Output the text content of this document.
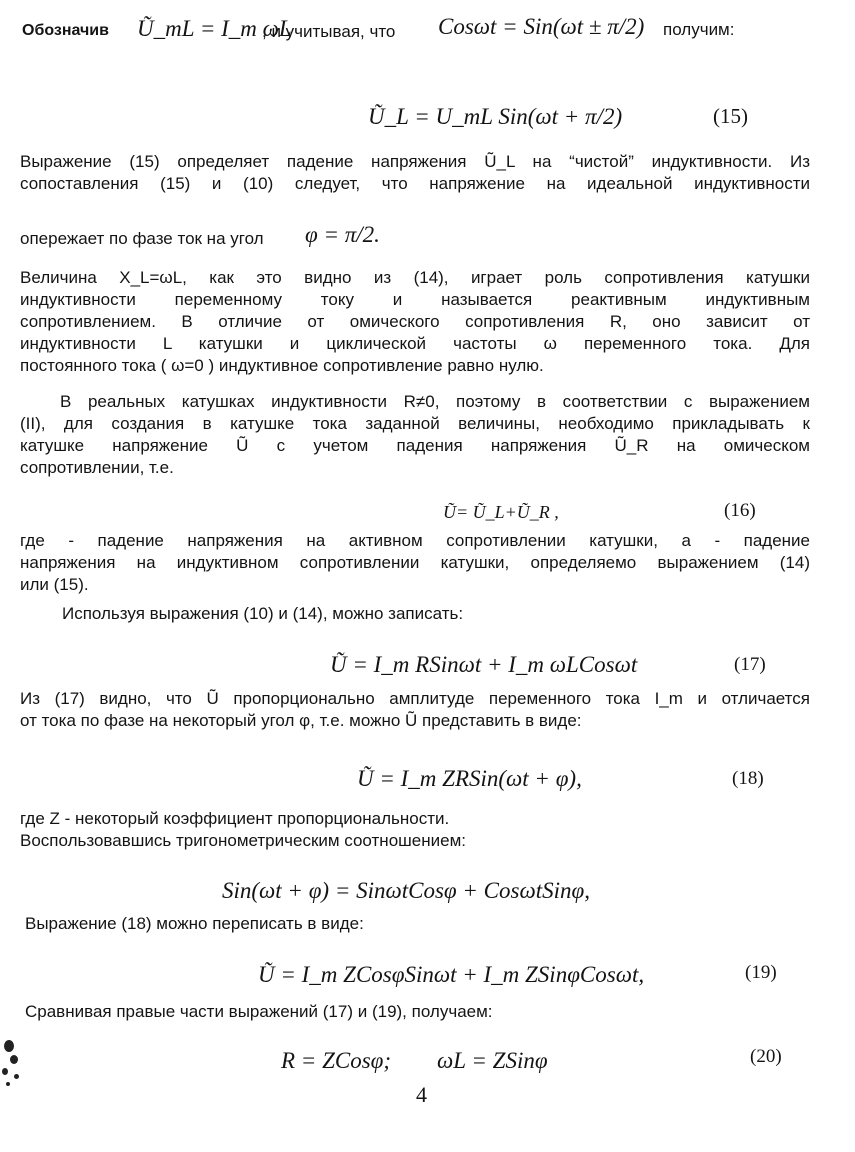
Обозначив Ũ_mL = I_m ωL
, и учитывая, что Cosωt = Sin(ωt ± π/2) получим:
Ũ_L = U_mL Sin(ωt + π/2)	(15)
Выражение (15) определяет падение напряжения Ũ_L на “чистой” индуктивности. Из
сопоставления (15) и (10) следует, что напряжение на идеальной индуктивности
опережает по фазе ток на угол φ = π/2.
Величина X_L=ωL, как это видно из (14), играет роль сопротивления катушки
индуктивности переменному току и называется реактивным индуктивным
сопротивлением. В отличие от омического сопротивления R, оно зависит от
индуктивности L катушки и циклической частоты ω переменного тока. Для
постоянного тока ( ω=0 ) индуктивное сопротивление равно нулю.
В реальных катушках индуктивности R≠0, поэтому в соответствии с выражением
(II), для создания в катушке тока заданной величины, необходимо прикладывать к
катушке напряжение Ũ с учетом падения напряжения Ũ_R на омическом
сопротивлении, т.е.
Ũ= Ũ_L+Ũ_R ,	(16)
где - падение напряжения на активном сопротивлении катушки, а - падение
напряжения на индуктивном сопротивлении катушки, определяемо выражением (14)
или (15).
Используя выражения (10) и (14), можно записать:
Ũ = I_m RSinωt + I_m ωLCosωt	(17)
Из (17) видно, что Ũ пропорционально амплитуде переменного тока I_m и отличается
от тока по фазе на некоторый угол φ, т.е. можно Ũ представить в виде:
Ũ = I_m ZRSin(ωt + φ),	(18)
где Z - некоторый коэффициент пропорциональности.
Воспользовавшись тригонометрическим соотношением:
Sin(ωt + φ) = SinωtCosφ + CosωtSinφ,
Выражение (18) можно переписать в виде:
Ũ = I_m ZCosφSinωt + I_m ZSinφCosωt,	(19)
Сравнивая правые части выражений (17) и (19), получаем:
R = ZCosφ;        ωL = ZSinφ	(20)
4
